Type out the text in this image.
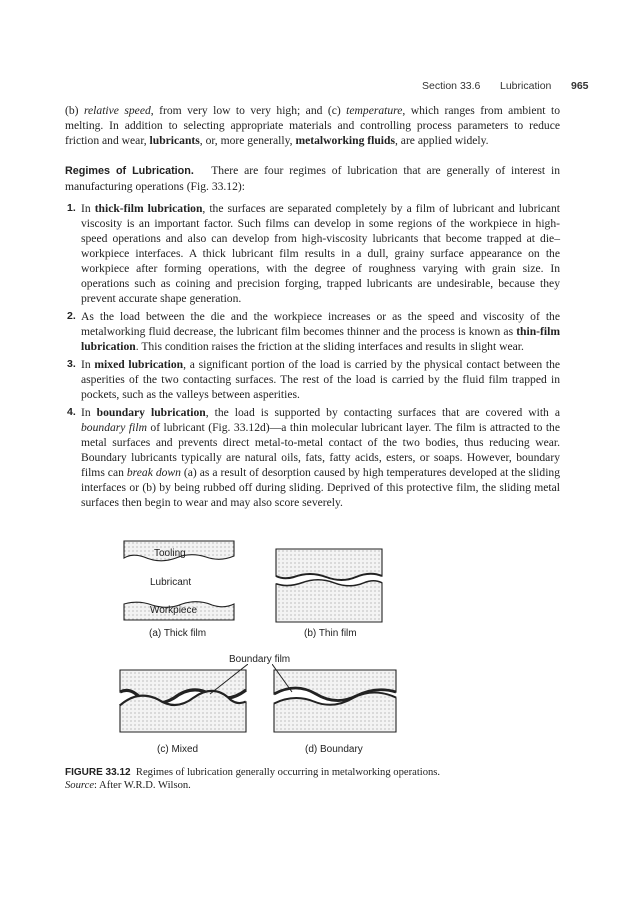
Section 33.6 Lubrication 965
(b) relative speed, from very low to very high; and (c) temperature, which ranges from ambient to melting. In addition to selecting appropriate materials and controlling process parameters to reduce friction and wear, lubricants, or, more generally, metalworking fluids, are applied widely.
Regimes of Lubrication. There are four regimes of lubrication that are generally of interest in manufacturing operations (Fig. 33.12):
1. In thick-film lubrication, the surfaces are separated completely by a film of lubricant and lubricant viscosity is an important factor. Such films can develop in some regions of the workpiece in high-speed operations and also can develop from high-viscosity lubricants that become trapped at die–workpiece interfaces. A thick lubricant film results in a dull, grainy surface appearance on the workpiece after forming operations, with the degree of roughness varying with grain size. In operations such as coining and precision forging, trapped lubricants are undesirable, because they prevent accurate shape generation.
2. As the load between the die and the workpiece increases or as the speed and viscosity of the metalworking fluid decrease, the lubricant film becomes thinner and the process is known as thin-film lubrication. This condition raises the friction at the sliding interfaces and results in slight wear.
3. In mixed lubrication, a significant portion of the load is carried by the physical contact between the asperities of the two contacting surfaces. The rest of the load is carried by the fluid film trapped in pockets, such as the valleys between asperities.
4. In boundary lubrication, the load is supported by contacting surfaces that are covered with a boundary film of lubricant (Fig. 33.12d)—a thin molecular lubricant layer. The film is attracted to the metal surfaces and prevents direct metal-to-metal contact of the two bodies, thus reducing wear. Boundary lubricants typically are natural oils, fats, fatty acids, esters, or soaps. However, boundary films can break down (a) as a result of desorption caused by high temperatures developed at the sliding interfaces or (b) by being rubbed off during sliding. Deprived of this protective film, the sliding metal surfaces then begin to wear and may also score severely.
Tooling
Lubricant
Workpiece
(a) Thick film	(b) Thin film
Boundary film
(c) Mixed	(d) Boundary
FIGURE 33.12 Regimes of lubrication generally occurring in metalworking operations.
Source: After W.R.D. Wilson.
